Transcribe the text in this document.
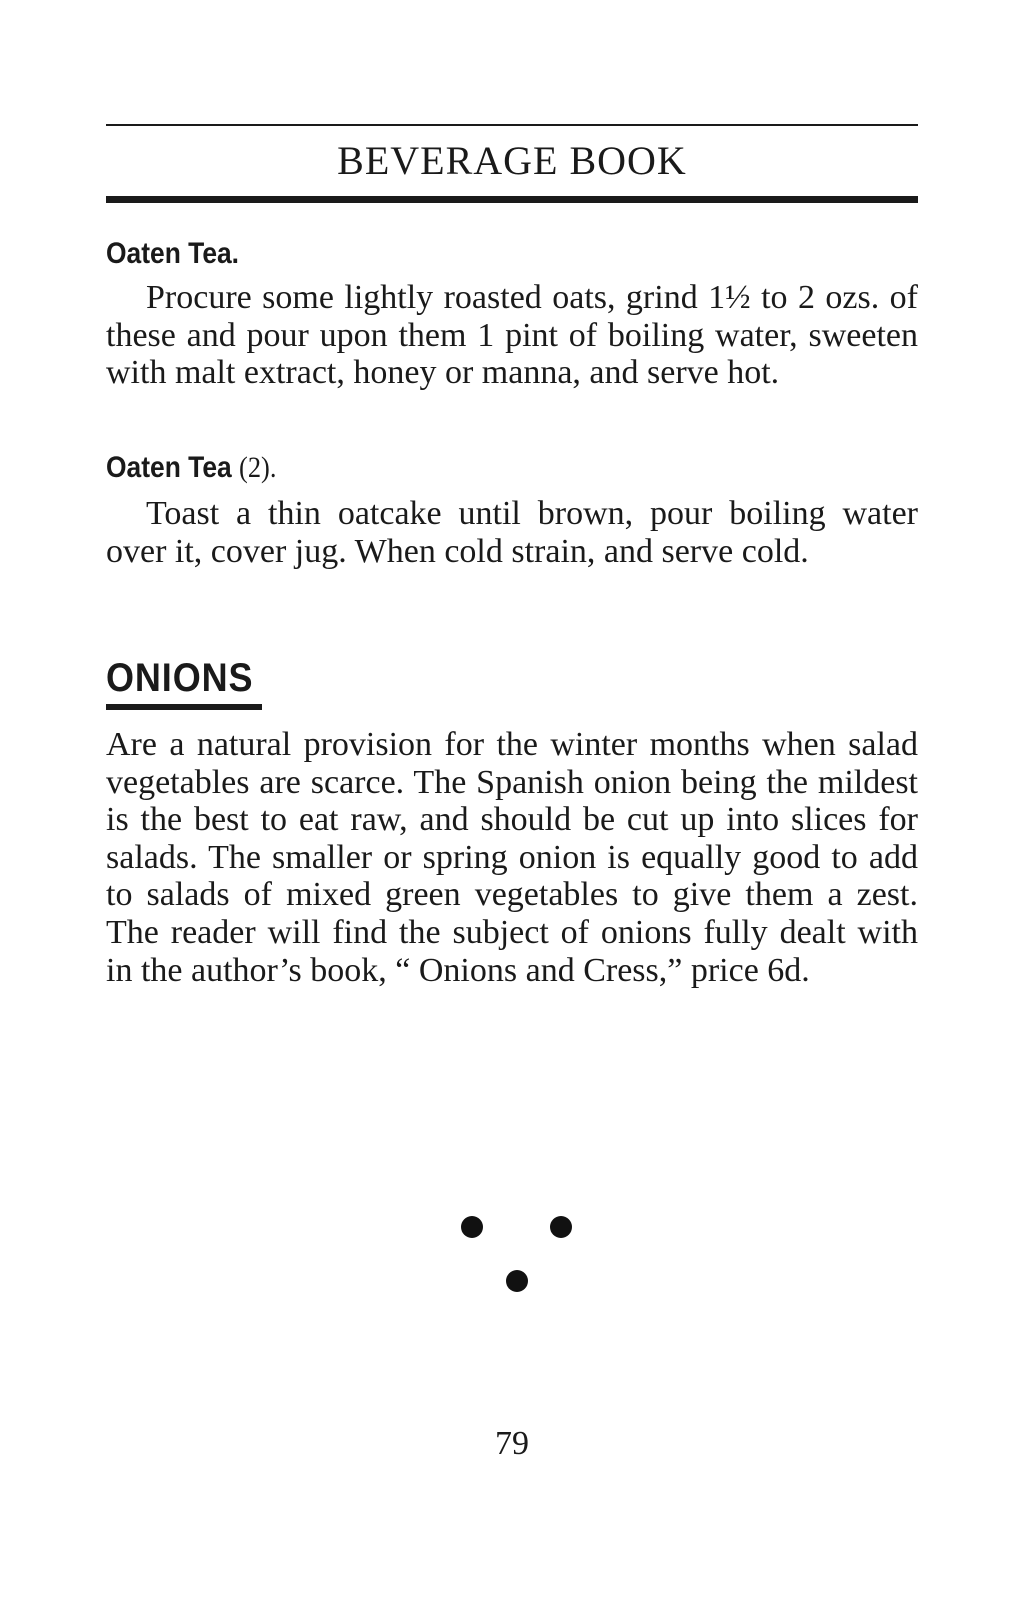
BEVERAGE BOOK
Oaten Tea.

Procure some lightly roasted oats, grind 1½ to 2 ozs. of these and pour upon them 1 pint of boiling water, sweeten with malt extract, honey or manna, and serve hot.

Oaten Tea (2).

Toast a thin oatcake until brown, pour boiling water over it, cover jug. When cold strain, and serve cold.

ONIONS

Are a natural provision for the winter months when salad vegetables are scarce. The Spanish onion being the mildest is the best to eat raw, and should be cut up into slices for salads. The smaller or spring onion is equally good to add to salads of mixed green vegetables to give them a zest. The reader will find the subject of onions fully dealt with in the author’s book, “ Onions and Cress,” price 6d.

79
